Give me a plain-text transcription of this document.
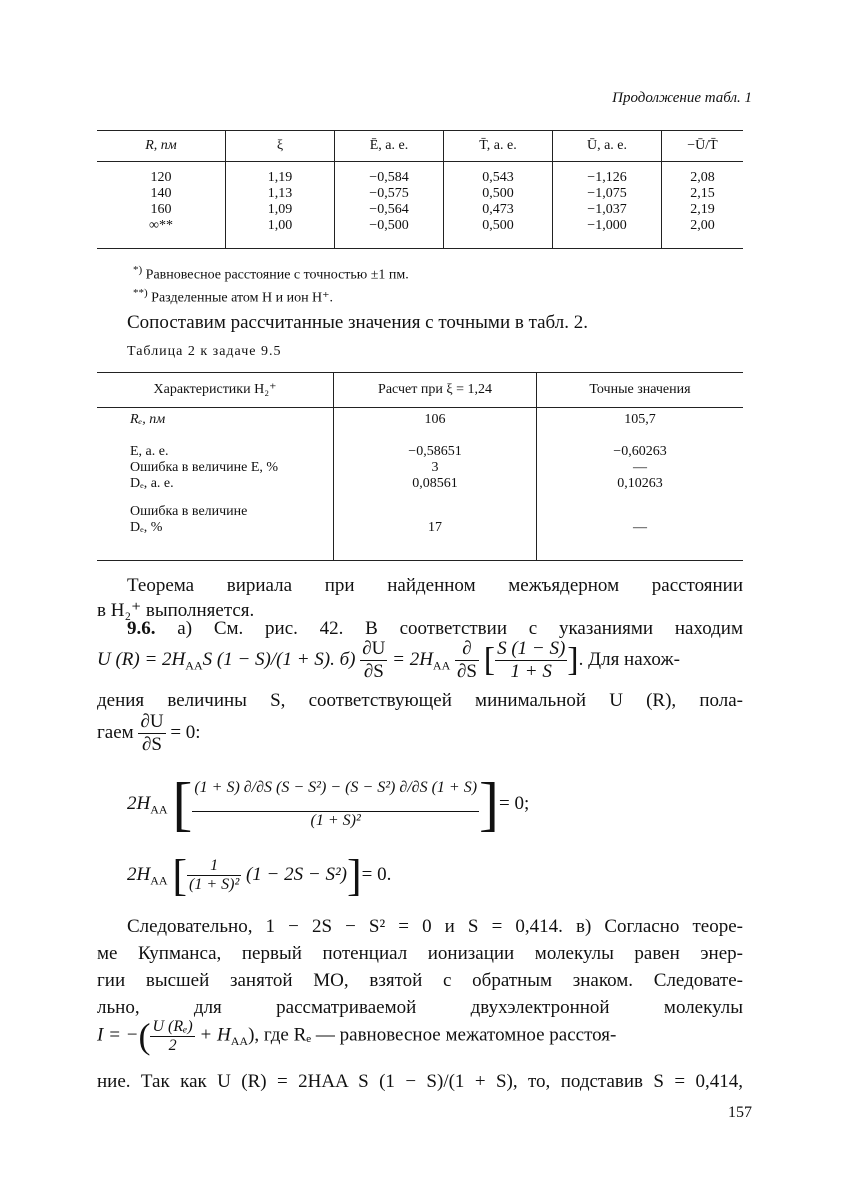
Продолжение табл. 1
R, пм	ξ	Ē, а. е.	T̄, а. е.	Ū, а. е.	−Ū/T̄
120	1,19	−0,584	0,543	−1,126	2,08
140	1,13	−0,575	0,500	−1,075	2,15
160	1,09	−0,564	0,473	−1,037	2,19
∞**	1,00	−0,500	0,500	−1,000	2,00
*) Равновесное расстояние с точностью ±1 пм.
**) Разделенные атом H и ион H⁺.
Сопоставим рассчитанные значения с точными в табл. 2.
Таблица 2 к задаче 9.5
Характеристики H₂⁺	Расчет при ξ = 1,24	Точные значения
Rₑ, пм	106	105,7
E, а. е.	−0,58651	−0,60263
Ошибка в величине E, %	3	—
Dₑ, а. е.	0,08561	0,10263
Ошибка в величине		
Dₑ, %	17	—
Теорема вириала при найденном межъядерном расстоянии
в H₂⁺ выполняется.
9.6. а) См. рис. 42. В соответствии с указаниями находим
U $(R) = 2H_{AA}S$ (1 − S)/(1 + S). $б) \frac{\partial U}{\partial S} = 2H_{AA} \frac{\partial}{\partial S}$ [ $\frac{S (1 - S)}{1 + S}$ ]. Для нахож-
дения величины S, соответствующей минимальной U (R), пола-
гаем $\frac{\partial U}{\partial S} = 0$:
$2H_{AA}$ [ $\frac{\text{(1 + S) ∂/∂S (S − S²) − (S − S²) ∂/∂S (1 + S)}}{\text{(1 + S)²}}$ ]= 0;
$2H_{AA}$ [ $\frac{1}{\text{(1 + S)²}} (1 - 2S - S^2)]= 0$.
Следовательно, 1 − 2S − S² = 0 и S = 0,414. в) Согласно теоре-
ме Купманса, первый потенциал ионизации молекулы равен энер-
гии высшей занятой МО, взятой с обратным знаком. Следовате-
льно, для рассматриваемой двухэлектронной молекулы
I = −( $\frac{\text{U (Rₑ)}}{2} + H_{AA}$), где Rₑ — равновесное межатомное расстоя-
ние. Так как U (R) = 2HAA S (1 − S)/(1 + S), то, подставив S = 0,414,
157
